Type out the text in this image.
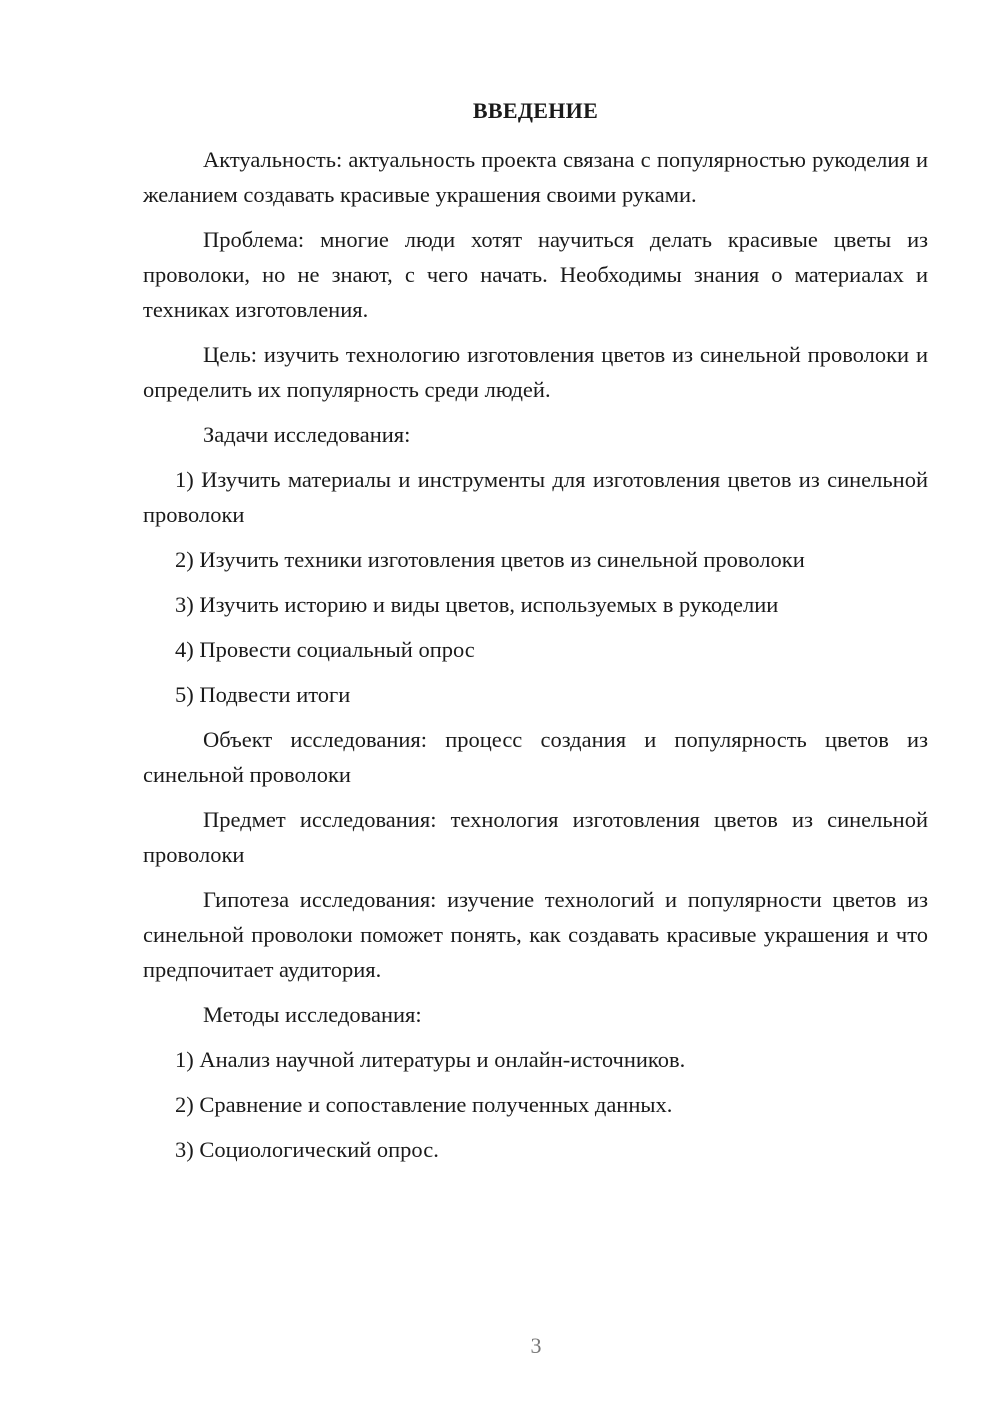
ВВЕДЕНИЕ

Актуальность: актуальность проекта связана с популярностью рукоделия и желанием создавать красивые украшения своими руками.

Проблема: многие люди хотят научиться делать красивые цветы из проволоки, но не знают, с чего начать. Необходимы знания о материалах и техниках изготовления.

Цель: изучить технологию изготовления цветов из синельной проволоки и определить их популярность среди людей.

Задачи исследования:

1) Изучить материалы и инструменты для изготовления цветов из синельной проволоки

2) Изучить техники изготовления цветов из синельной проволоки

3) Изучить историю и виды цветов, используемых в рукоделии

4) Провести социальный опрос

5) Подвести итоги

Объект исследования: процесс создания и популярность цветов из синельной проволоки

Предмет исследования: технология изготовления цветов из синельной проволоки

Гипотеза исследования: изучение технологий и популярности цветов из синельной проволоки поможет понять, как создавать красивые украшения и что предпочитает аудитория.

Методы исследования:

1) Анализ научной литературы и онлайн-источников.

2) Сравнение и сопоставление полученных данных.

3) Социологический опрос.

3
